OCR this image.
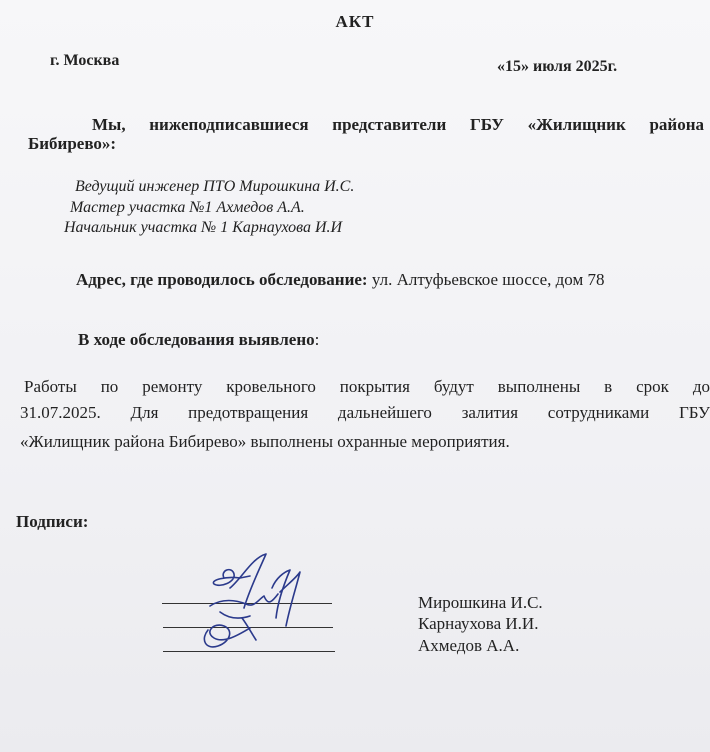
АКТ
г. Москва	«15» июля 2025г.
Мы, нижеподписавшиеся представители ГБУ «Жилищник района
Бибирево»:
Ведущий инженер ПТО Мирошкина И.С.
Мастер участка №1 Ахмедов А.А.
Начальник участка № 1 Карнаухова И.И
Адрес, где проводилось обследование: ул. Алтуфьевское шоссе, дом 78
В ходе обследования выявлено:
Работы по ремонту кровельного покрытия будут выполнены в срок до
31.07.2025. Для предотвращения дальнейшего залития сотрудниками ГБУ
«Жилищник района Бибирево» выполнены охранные мероприятия.
Подписи:
Мирошкина И.С.
Карнаухова И.И.
Ахмедов А.А.
